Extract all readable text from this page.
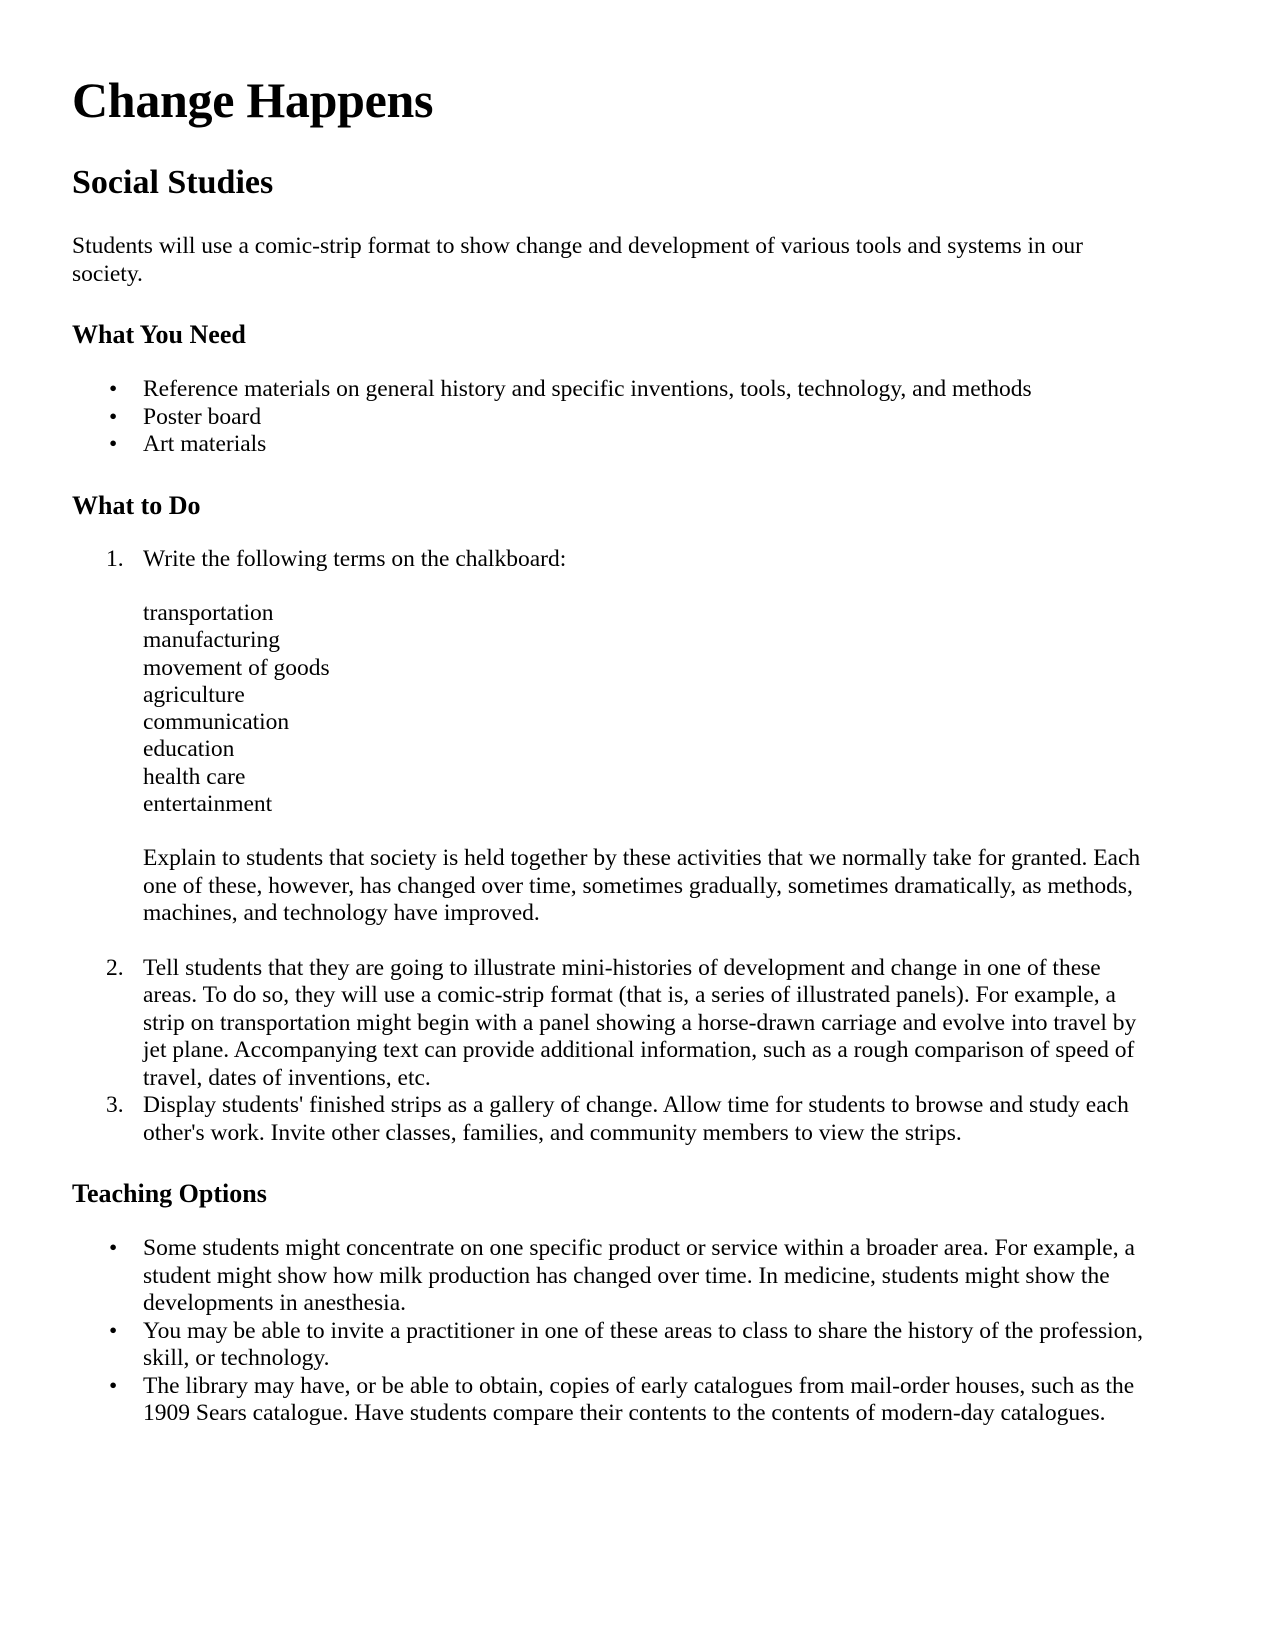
Change Happens
Social Studies

Students will use a comic-strip format to show change and development of various tools and systems in our society.

What You Need
• Reference materials on general history and specific inventions, tools, technology, and methods
• Poster board
• Art materials
What to Do
1. Write the following terms on the chalkboard:
transportation
manufacturing
movement of goods
agriculture
communication
education
health care
entertainment
Explain to students that society is held together by these activities that we normally take for granted. Each one of these, however, has changed over time, sometimes gradually, sometimes dramatically, as methods, machines, and technology have improved.
2. Tell students that they are going to illustrate mini-histories of development and change in one of these areas. To do so, they will use a comic-strip format (that is, a series of illustrated panels). For example, a strip on transportation might begin with a panel showing a horse-drawn carriage and evolve into travel by jet plane. Accompanying text can provide additional information, such as a rough comparison of speed of travel, dates of inventions, etc.
3. Display students' finished strips as a gallery of change. Allow time for students to browse and study each other's work. Invite other classes, families, and community members to view the strips.
Teaching Options
• Some students might concentrate on one specific product or service within a broader area. For example, a student might show how milk production has changed over time. In medicine, students might show the developments in anesthesia.
• You may be able to invite a practitioner in one of these areas to class to share the history of the profession, skill, or technology.
• The library may have, or be able to obtain, copies of early catalogues from mail-order houses, such as the 1909 Sears catalogue. Have students compare their contents to the contents of modern-day catalogues.
